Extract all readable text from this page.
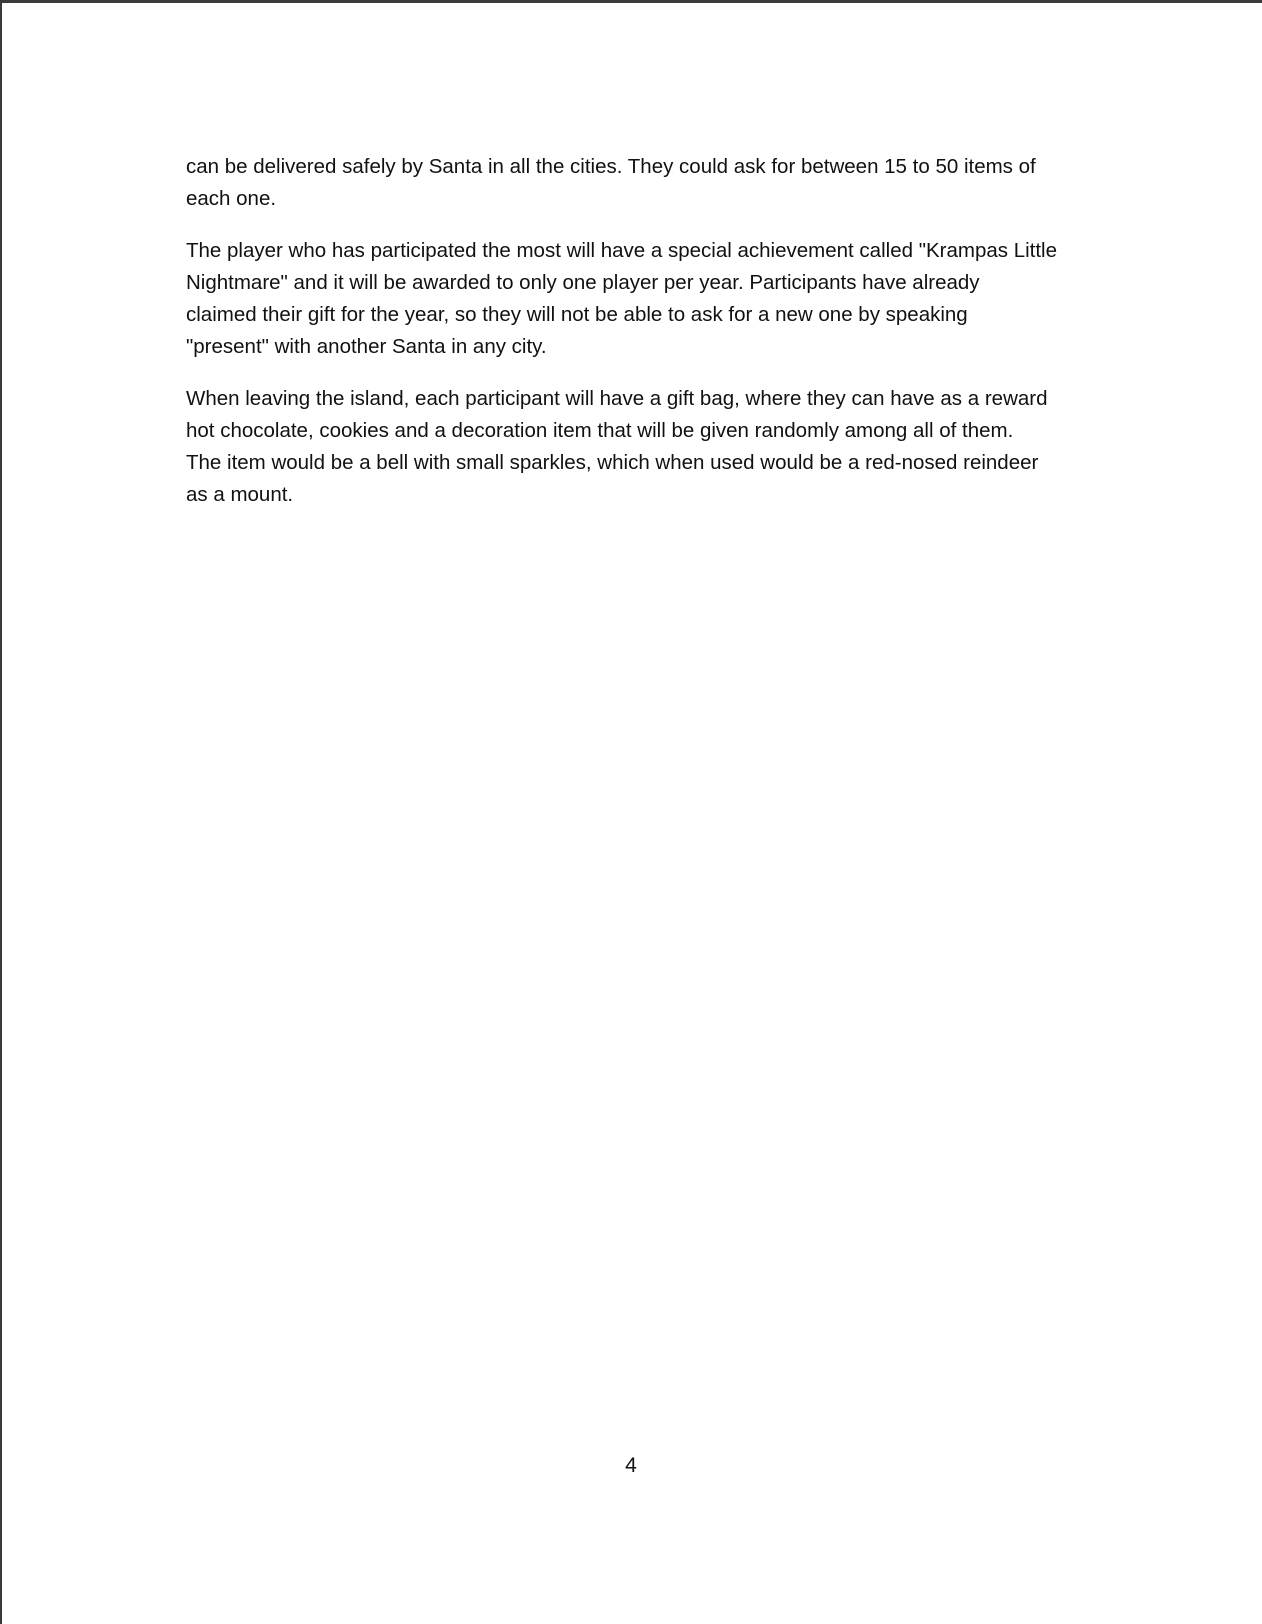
can be delivered safely by Santa in all the cities. They could ask for between 15 to 50 items of
each one.

The player who has participated the most will have a special achievement called "Krampas Little
Nightmare" and it will be awarded to only one player per year. Participants have already
claimed their gift for the year, so they will not be able to ask for a new one by speaking
"present" with another Santa in any city.

When leaving the island, each participant will have a gift bag, where they can have as a reward
hot chocolate, cookies and a decoration item that will be given randomly among all of them.
The item would be a bell with small sparkles, which when used would be a red-nosed reindeer
as a mount.

4
